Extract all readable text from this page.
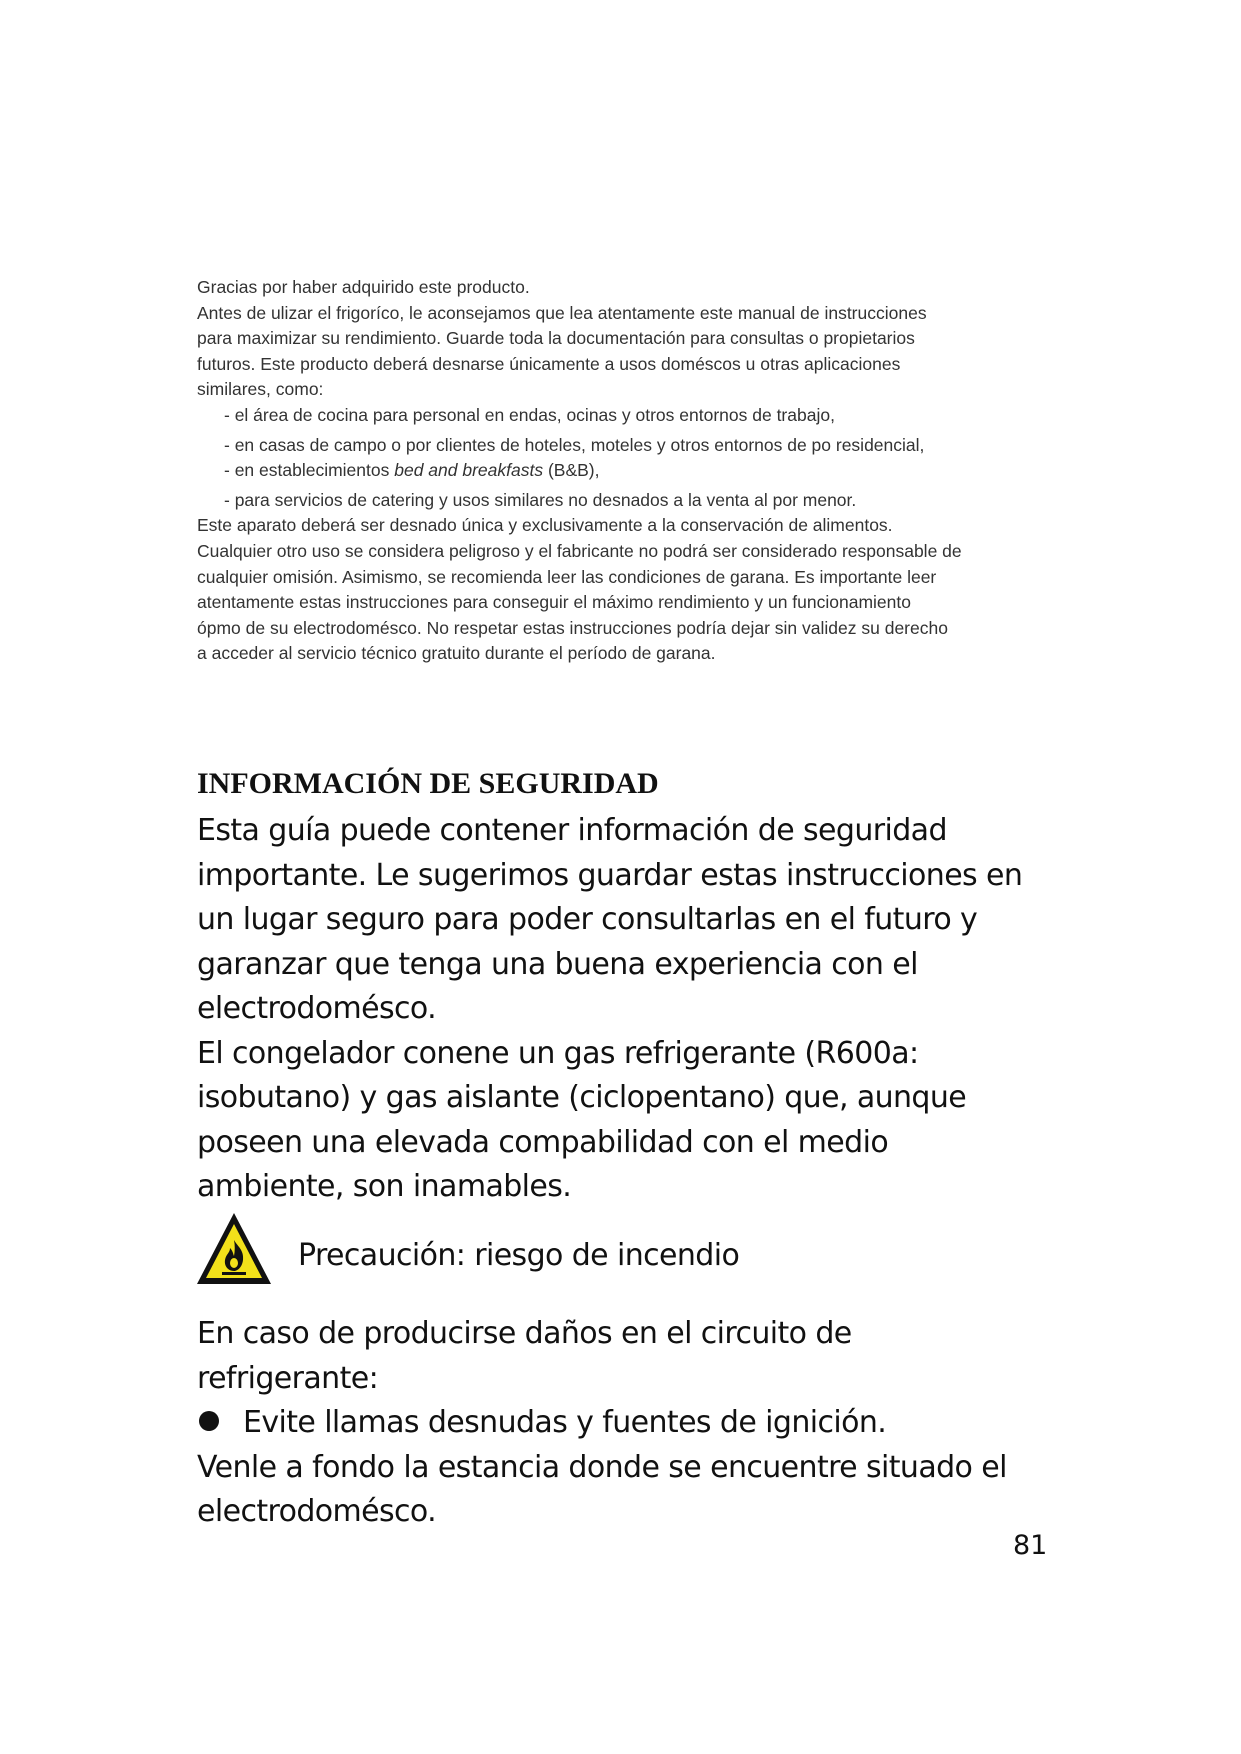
Gracias por haber adquirido este producto.
Antes de ulizar el frigoríco, le aconsejamos que lea atentamente este manual de instrucciones
para maximizar su rendimiento. Guarde toda la documentación para consultas o propietarios
futuros. Este producto deberá desnarse únicamente a usos doméscos u otras aplicaciones
similares, como:
- el área de cocina para personal en endas, ocinas y otros entornos de trabajo,
- en casas de campo o por clientes de hoteles, moteles y otros entornos de po residencial,
- en establecimientos bed and breakfasts (B&B),
- para servicios de catering y usos similares no desnados a la venta al por menor.
Este aparato deberá ser desnado única y exclusivamente a la conservación de alimentos.
Cualquier otro uso se considera peligroso y el fabricante no podrá ser considerado responsable de
cualquier omisión. Asimismo, se recomienda leer las condiciones de garana. Es importante leer
atentamente estas instrucciones para conseguir el máximo rendimiento y un funcionamiento
ópmo de su electrodomésco. No respetar estas instrucciones podría dejar sin validez su derecho
a acceder al servicio técnico gratuito durante el período de garana.
INFORMACIÓN DE SEGURIDAD
Esta guía puede contener información de seguridad
importante. Le sugerimos guardar estas instrucciones en
un lugar seguro para poder consultarlas en el futuro y
garanzar que tenga una buena experiencia con el
electrodomésco.
El congelador conene un gas refrigerante (R600a:
isobutano) y gas aislante (ciclopentano) que, aunque
poseen una elevada compabilidad con el medio
ambiente, son inamables.
Precaución: riesgo de incendio
En caso de producirse daños en el circuito de
refrigerante:
Evite llamas desnudas y fuentes de ignición.
Venle a fondo la estancia donde se encuentre situado el
electrodomésco.
81
